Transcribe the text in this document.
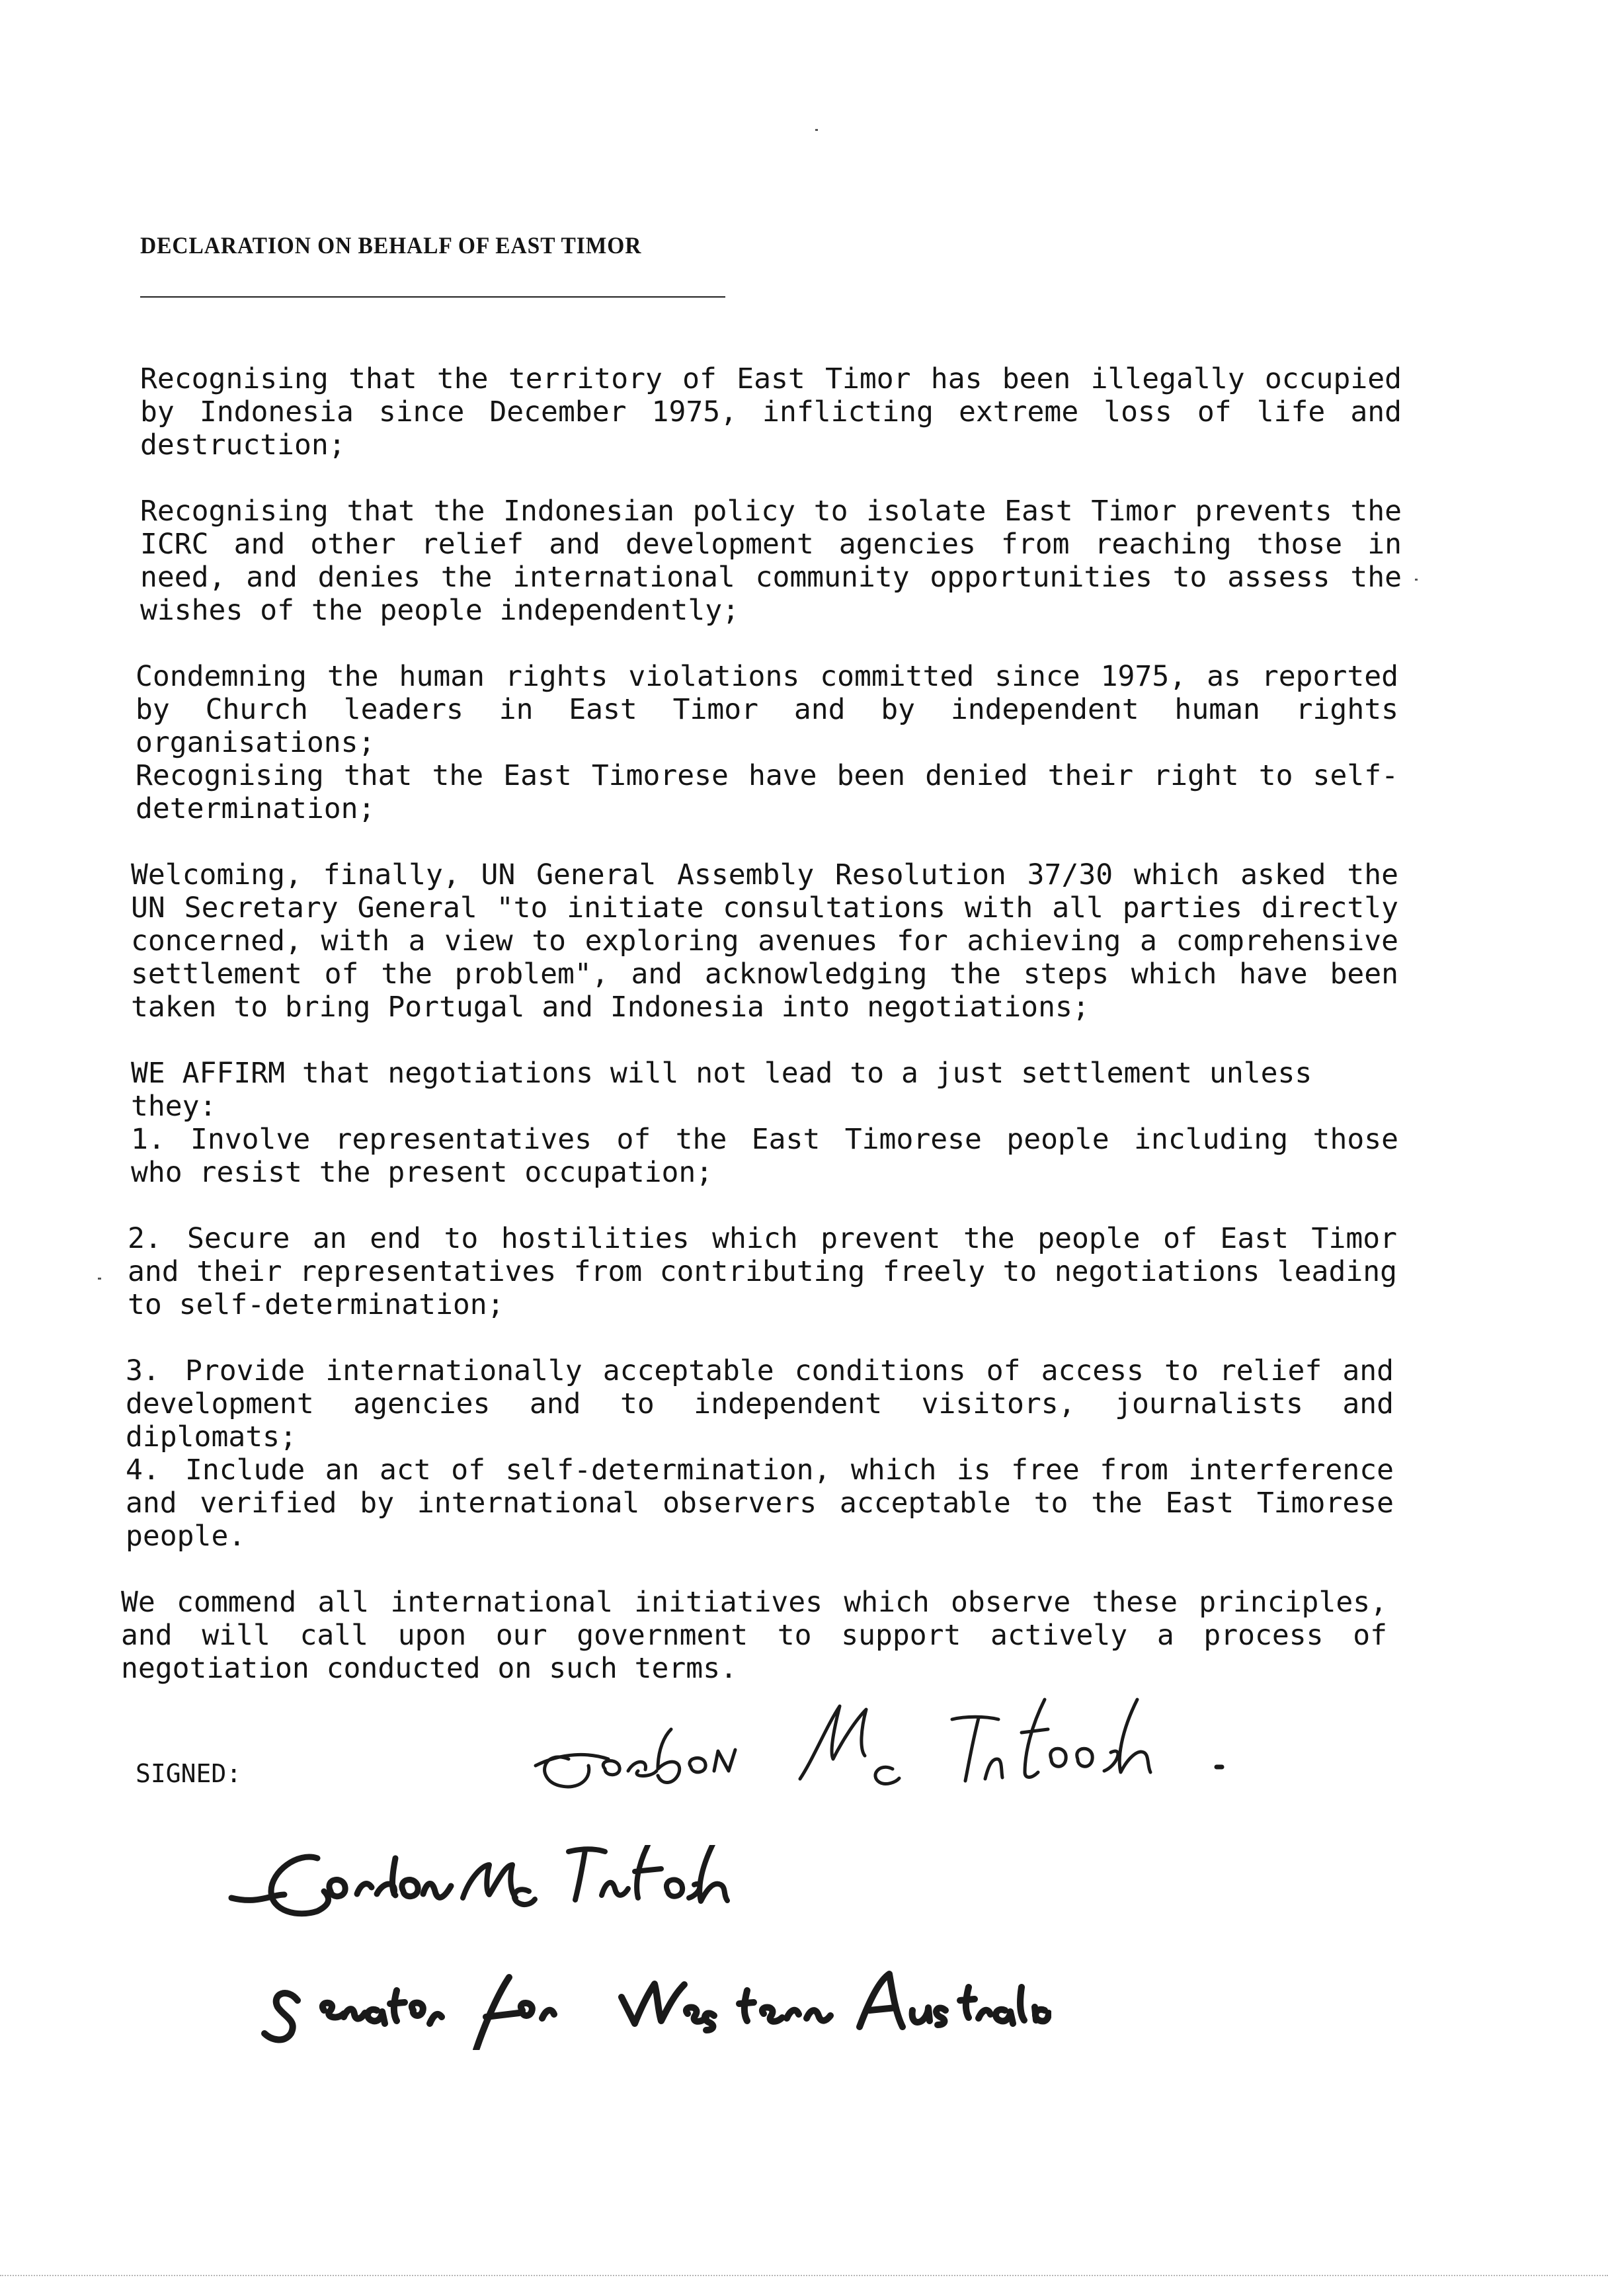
DECLARATION ON BEHALF OF EAST TIMOR

Recognising that the territory of East Timor has been illegally occupied by Indonesia since December 1975, inflicting extreme loss of life and destruction;

Recognising that the Indonesian policy to isolate East Timor prevents the ICRC and other relief and development agencies from reaching those in need, and denies the international community opportunities to assess the wishes of the people independently;

Condemning the human rights violations committed since 1975, as reported by Church leaders in East Timor and by independent human rights organisations;

Recognising that the East Timorese have been denied their right to self-determination;

Welcoming, finally, UN General Assembly Resolution 37/30 which asked the UN Secretary General "to initiate consultations with all parties directly concerned, with a view to exploring avenues for achieving a comprehensive settlement of the problem", and acknowledging the steps which have been taken to bring Portugal and Indonesia into negotiations;

WE AFFIRM that negotiations will not lead to a just settlement unless they:

1. Involve representatives of the East Timorese people including those who resist the present occupation;
2. Secure an end to hostilities which prevent the people of East Timor and their representatives from contributing freely to negotiations leading to self-determination;
3. Provide internationally acceptable conditions of access to relief and development agencies and to independent visitors, journalists and diplomats;
4. Include an act of self-determination, which is free from interference and verified by international observers acceptable to the East Timorese people.

We commend all international initiatives which observe these principles, and will call upon our government to support actively a process of negotiation conducted on such terms.

SIGNED:
